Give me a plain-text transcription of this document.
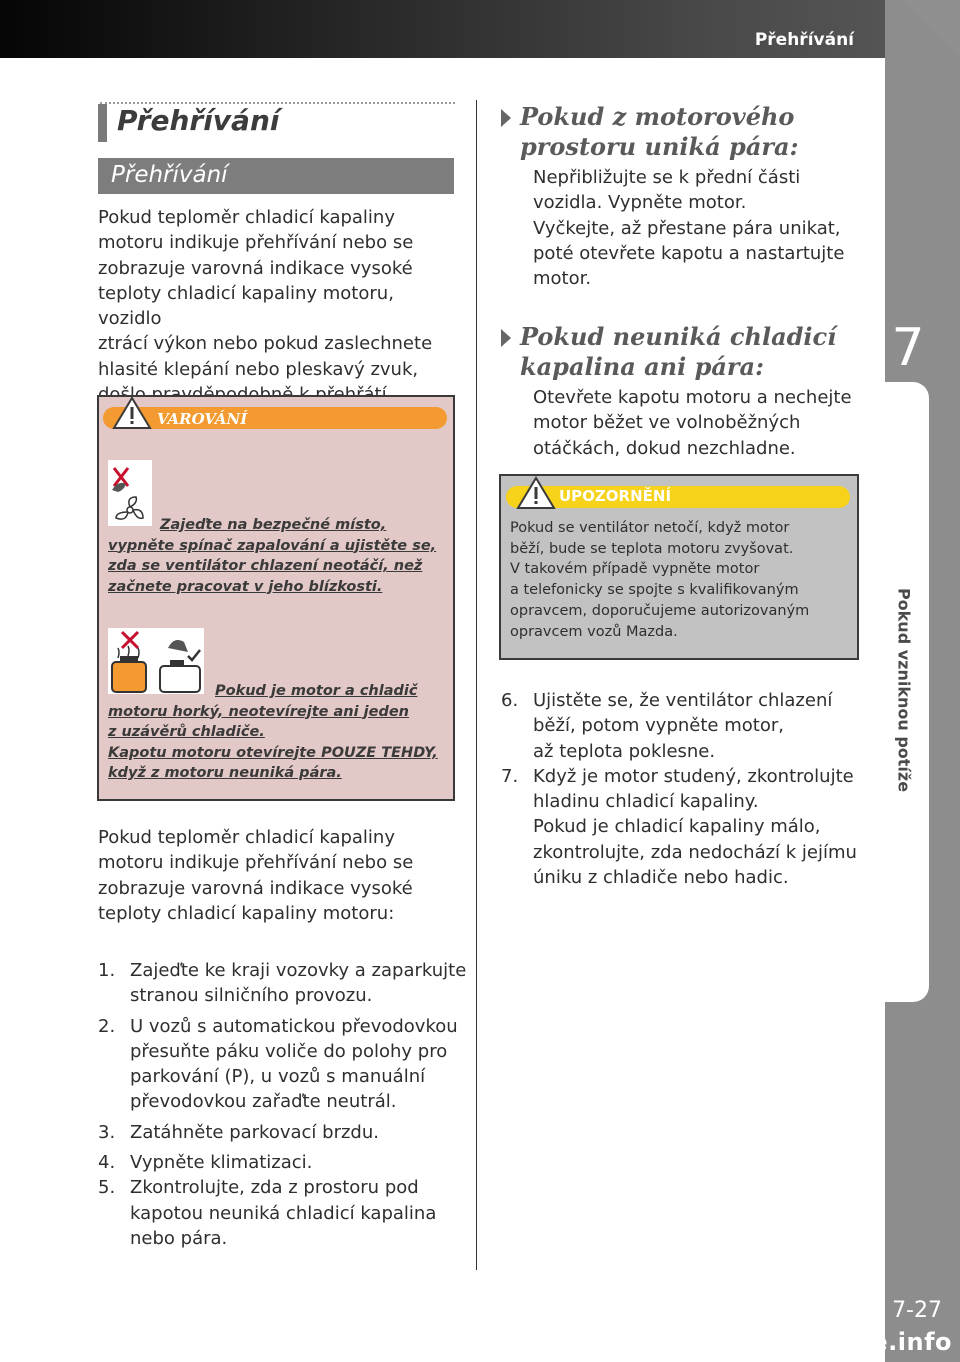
Přehřívání
7
Pokud vzniknou potíže
7-27
carmanualsonline.info
Přehřívání
Přehřívání
Pokud teploměr chladicí kapaliny
motoru indikuje přehřívání nebo se
zobrazuje varovná indikace vysoké
teploty chladicí kapaliny motoru, vozidlo
ztrácí výkon nebo pokud zaslechnete
hlasité klepání nebo pleskavý zvuk,
VAROVÁNÍ
Zajeďte na bezpečné místo,
vypněte spínač zapalování a ujistěte se,
zda se ventilátor chlazení neotáčí, než
začnete pracovat v jeho blízkosti.
Pokud je motor a chladič
motoru horký, neotevírejte ani jeden
z uzávěrů chladiče.
Kapotu motoru otevírejte POUZE TEHDY,
když z motoru neuniká pára.
Pokud teploměr chladicí kapaliny
motoru indikuje přehřívání nebo se
zobrazuje varovná indikace vysoké
teploty chladicí kapaliny motoru:
1. Zajeďte ke kraji vozovky a zaparkujte
stranou silničního provozu.
2. U vozů s automatickou převodovkou
přesuňte páku voliče do polohy pro
parkování (P), u vozů s manuální
převodovkou zařaďte neutrál.
3. Zatáhněte parkovací brzdu.
4. Vypněte klimatizaci.
5. Zkontrolujte, zda z prostoru pod
kapotou neuniká chladicí kapalina
nebo pára.
Pokud z motorového
prostoru uniká pára:
Nepřibližujte se k přední části
vozidla. Vypněte motor.
Vyčkejte, až přestane pára unikat,
poté otevřete kapotu a nastartujte
motor.
Pokud neuniká chladicí
kapalina ani pára:
Otevřete kapotu motoru a nechejte
motor běžet ve volnoběžných
otáčkách, dokud nezchladne.
UPOZORNĚNÍ
Pokud se ventilátor netočí, když motor
běží, bude se teplota motoru zvyšovat.
V takovém případě vypněte motor
a telefonicky se spojte s kvalifikovaným
opravcem, doporučujeme autorizovaným
opravcem vozů Mazda.
6. Ujistěte se, že ventilátor chlazení
běží, potom vypněte motor,
až teplota poklesne.
7. Když je motor studený, zkontrolujte
hladinu chladicí kapaliny.
Pokud je chladicí kapaliny málo,
zkontrolujte, zda nedochází k jejímu
úniku z chladiče nebo hadic.
